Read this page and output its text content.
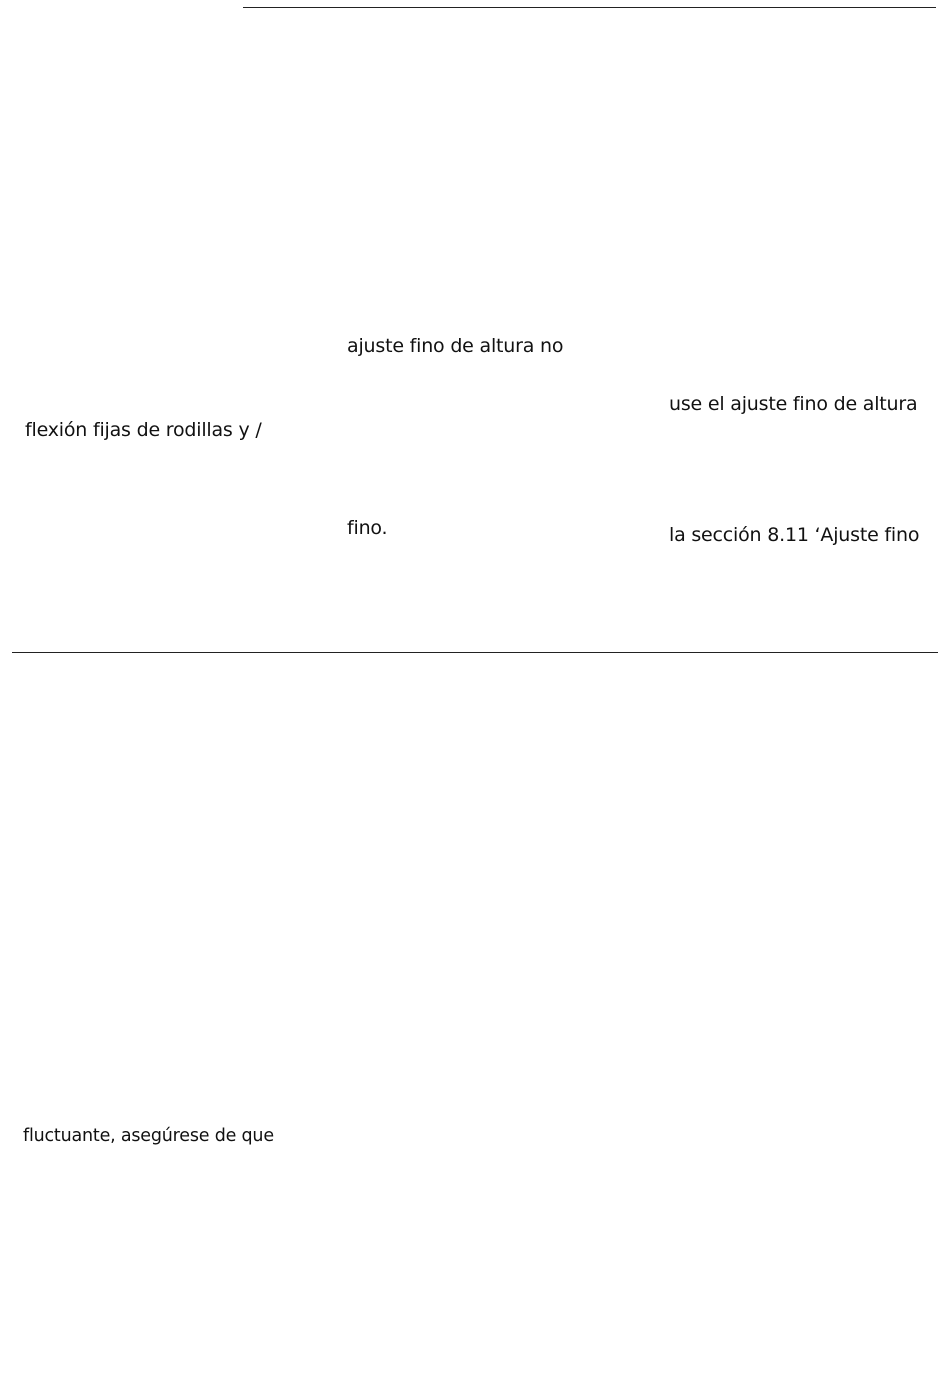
ajuste fino de altura no
use el ajuste fino de altura
flexión fijas de rodillas y /
fino.	la sección 8.11 ‘Ajuste fino
fluctuante, asegúrese de que
